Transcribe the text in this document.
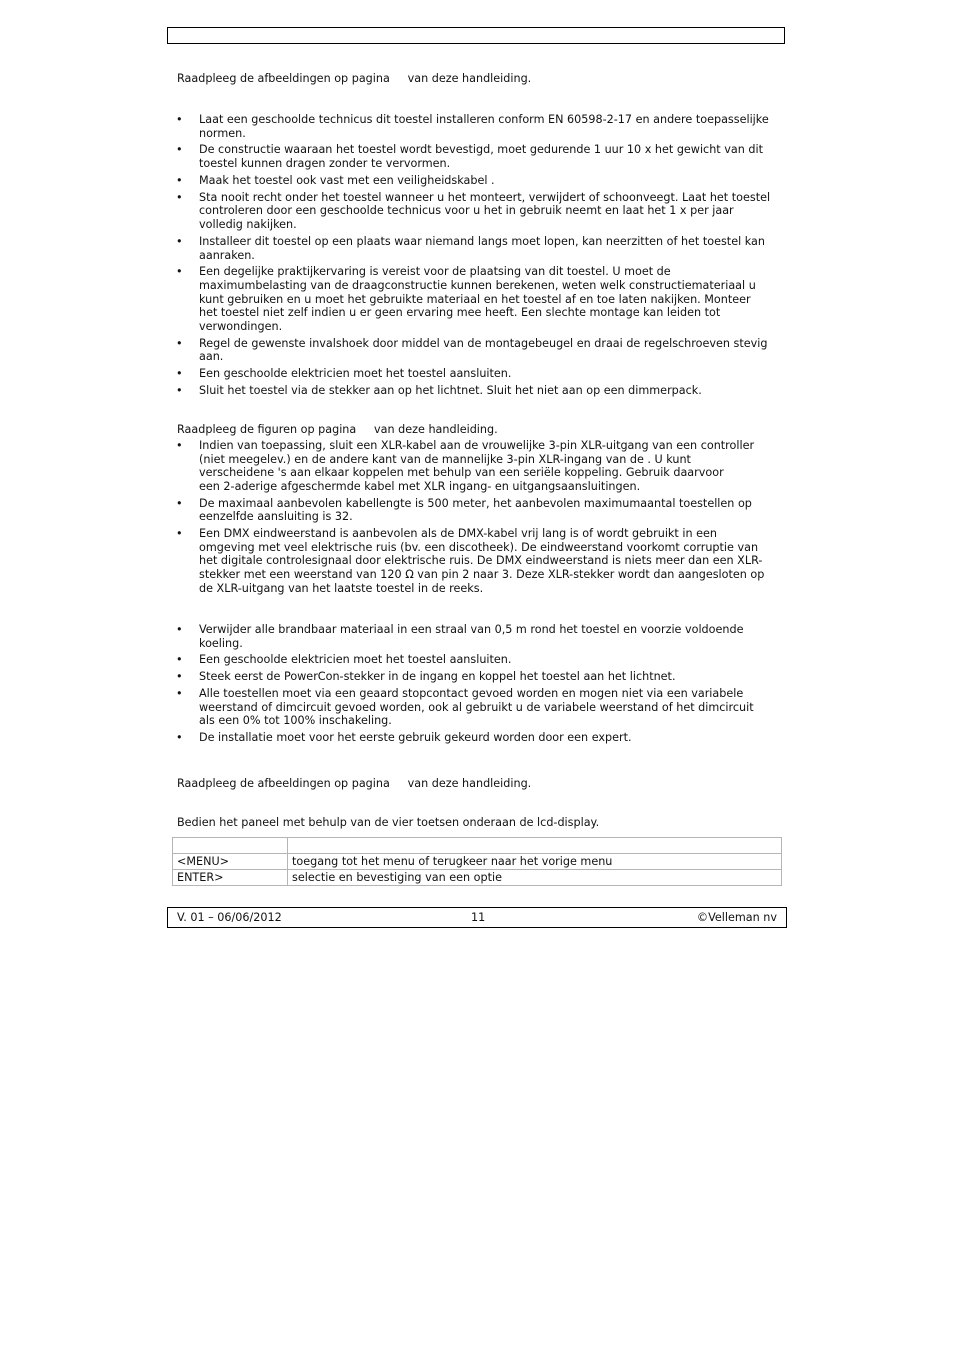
Raadpleeg de afbeeldingen op pagina     van deze handleiding.

• Laat een geschoolde technicus dit toestel installeren conform EN 60598-2-17 en andere toepasselijke
normen.
• De constructie waaraan het toestel wordt bevestigd, moet gedurende 1 uur 10 x het gewicht van dit
toestel kunnen dragen zonder te vervormen.
• Maak het toestel ook vast met een veiligheidskabel .
• Sta nooit recht onder het toestel wanneer u het monteert, verwijdert of schoonveegt. Laat het toestel
controleren door een geschoolde technicus voor u het in gebruik neemt en laat het 1 x per jaar
volledig nakijken.
• Installeer dit toestel op een plaats waar niemand langs moet lopen, kan neerzitten of het toestel kan
aanraken.
• Een degelijke praktijkervaring is vereist voor de plaatsing van dit toestel. U moet de
maximumbelasting van de draagconstructie kunnen berekenen, weten welk constructiemateriaal u
kunt gebruiken en u moet het gebruikte materiaal en het toestel af en toe laten nakijken. Monteer
het toestel niet zelf indien u er geen ervaring mee heeft. Een slechte montage kan leiden tot
verwondingen.
• Regel de gewenste invalshoek door middel van de montagebeugel en draai de regelschroeven stevig
aan.
• Een geschoolde elektricien moet het toestel aansluiten.
• Sluit het toestel via de stekker aan op het lichtnet. Sluit het niet aan op een dimmerpack.

Raadpleeg de figuren op pagina     van deze handleiding.

• Indien van toepassing, sluit een XLR-kabel aan de vrouwelijke 3-pin XLR-uitgang van een controller
(niet meegelev.) en de andere kant van de mannelijke 3-pin XLR-ingang van de . U kunt
verscheidene 's aan elkaar koppelen met behulp van een seriële koppeling. Gebruik daarvoor
een 2-aderige afgeschermde kabel met XLR ingang- en uitgangsaansluitingen.
• De maximaal aanbevolen kabellengte is 500 meter, het aanbevolen maximumaantal toestellen op
eenzelfde aansluiting is 32.
• Een DMX eindweerstand is aanbevolen als de DMX-kabel vrij lang is of wordt gebruikt in een
omgeving met veel elektrische ruis (bv. een discotheek). De eindweerstand voorkomt corruptie van
het digitale controlesignaal door elektrische ruis. De DMX eindweerstand is niets meer dan een XLR-
stekker met een weerstand van 120 Ω van pin 2 naar 3. Deze XLR-stekker wordt dan aangesloten op
de XLR-uitgang van het laatste toestel in de reeks.
• Verwijder alle brandbaar materiaal in een straal van 0,5 m rond het toestel en voorzie voldoende
koeling.
• Een geschoolde elektricien moet het toestel aansluiten.
• Steek eerst de PowerCon-stekker in de ingang en koppel het toestel aan het lichtnet.
• Alle toestellen moet via een geaard stopcontact gevoed worden en mogen niet via een variabele
weerstand of dimcircuit gevoed worden, ook al gebruikt u de variabele weerstand of het dimcircuit
als een 0% tot 100% inschakeling.
• De installatie moet voor het eerste gebruik gekeurd worden door een expert.

Raadpleeg de afbeeldingen op pagina     van deze handleiding.

Bedien het paneel met behulp van de vier toetsen onderaan de lcd-display.

<MENU>	toegang tot het menu of terugkeer naar het vorige menu
ENTER>	selectie en bevestiging van een optie
V. 01 – 06/06/2012	11	©Velleman nv
